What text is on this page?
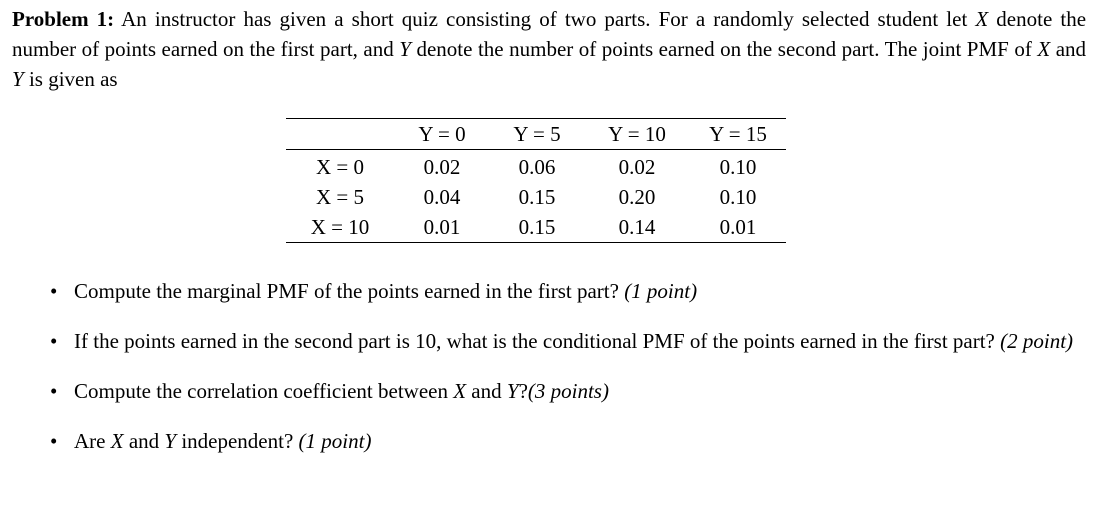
Problem 1: An instructor has given a short quiz consisting of two parts. For a randomly selected student let X denote the number of points earned on the first part, and Y denote the number of points earned on the second part. The joint PMF of X and Y is given as
	Y = 0	Y = 5	Y = 10	Y = 15
X = 0	0.02	0.06	0.02	0.10
X = 5	0.04	0.15	0.20	0.10
X = 10	0.01	0.15	0.14	0.01
• Compute the marginal PMF of the points earned in the first part? (1 point)
• If the points earned in the second part is 10, what is the conditional PMF of the points earned in the first part? (2 point)
• Compute the correlation coefficient between X and Y?(3 points)
• Are X and Y independent? (1 point)
